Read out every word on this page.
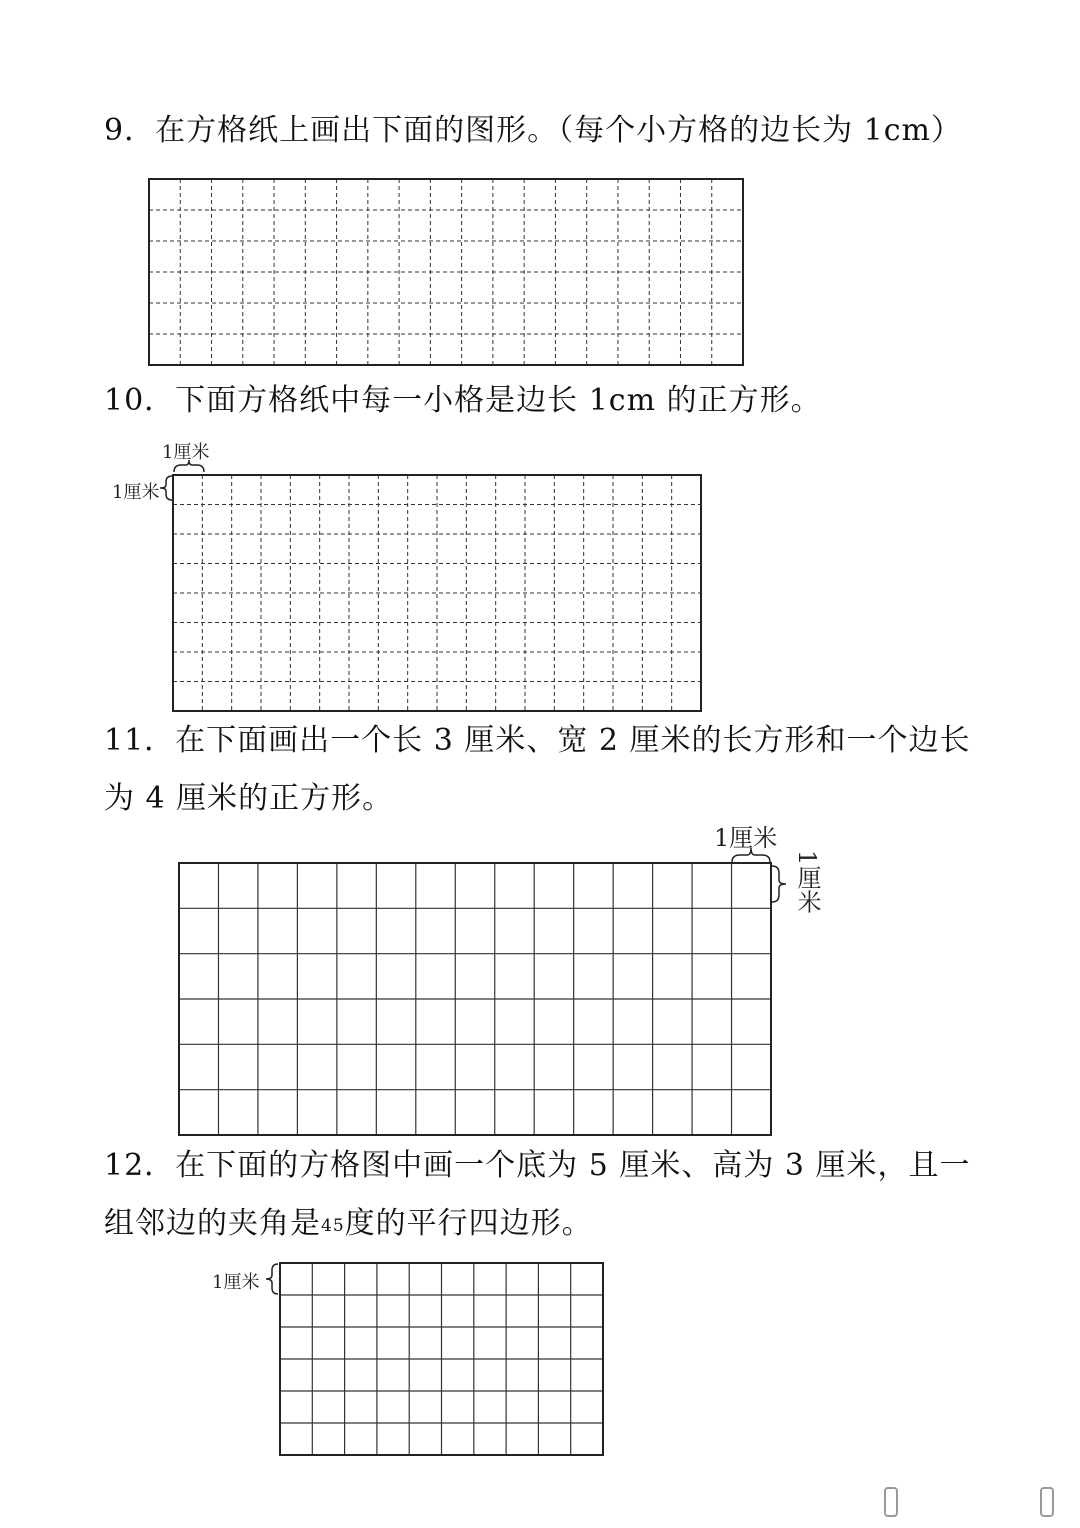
9．在方格纸上画出下面的图形。（每个小方格的边长为 1cm）

10．下面方格纸中每一小格是边长 1cm 的正方形。

1厘米
1厘米

11．在下面画出一个长 3 厘米、宽 2 厘米的长方形和一个边长

为 4 厘米的正方形。

1厘米
1厘米

12．在下面的方格图中画一个底为 5 厘米、高为 3 厘米，且一

组邻边的夹角是45度的平行四边形。

1厘米
